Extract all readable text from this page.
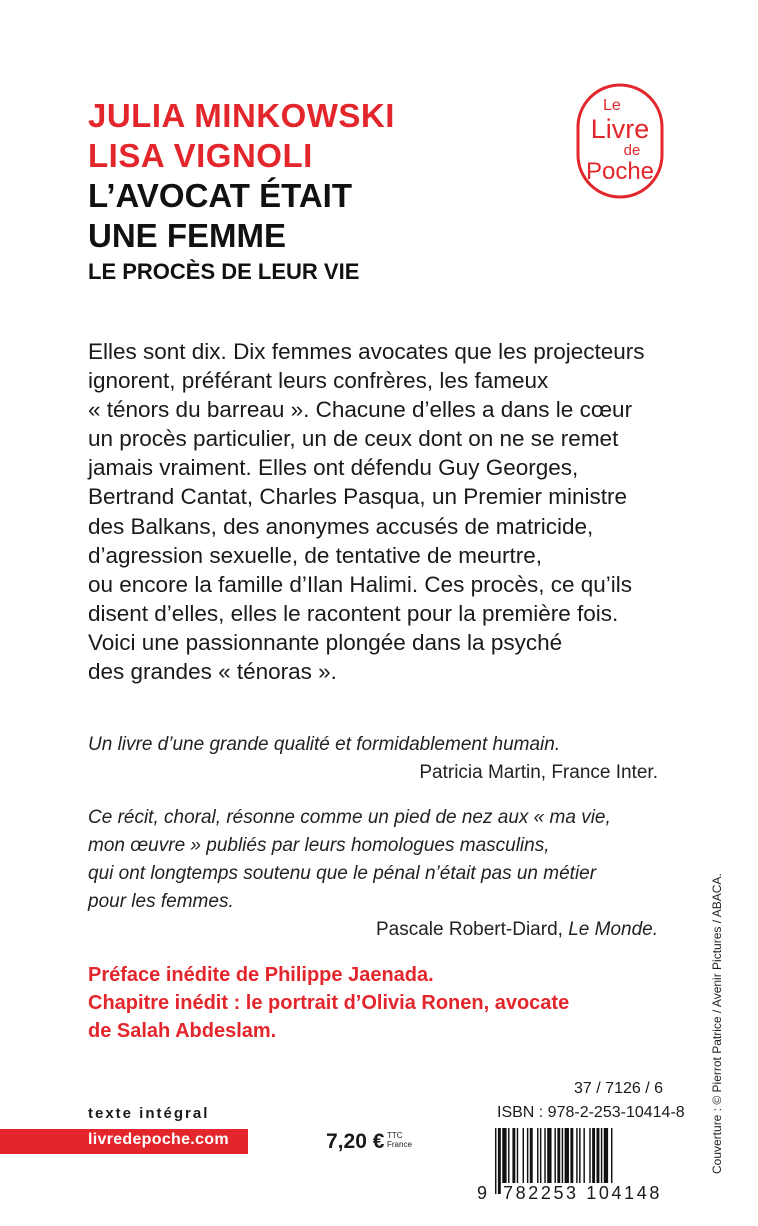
JULIA MINKOWSKI
LISA VIGNOLI
L’AVOCAT ÉTAIT
UNE FEMME
LE PROCÈS DE LEUR VIE
Le
Livre
de
Poche
Elles sont dix. Dix femmes avocates que les projecteurs
ignorent, préférant leurs confrères, les fameux
« ténors du barreau ». Chacune d’elles a dans le cœur
un procès particulier, un de ceux dont on ne se remet
jamais vraiment. Elles ont défendu Guy Georges,
Bertrand Cantat, Charles Pasqua, un Premier ministre
des Balkans, des anonymes accusés de matricide,
d’agression sexuelle, de tentative de meurtre,
ou encore la famille d’Ilan Halimi. Ces procès, ce qu’ils
disent d’elles, elles le racontent pour la première fois.
Voici une passionnante plongée dans la psyché
des grandes « ténoras ».
Un livre d’une grande qualité et formidablement humain.
Patricia Martin, France Inter.
Ce récit, choral, résonne comme un pied de nez aux « ma vie,
mon œuvre » publiés par leurs homologues masculins,
qui ont longtemps soutenu que le pénal n’était pas un métier
pour les femmes.
Pascale Robert-Diard, Le Monde.
Préface inédite de Philippe Jaenada.
Chapitre inédit : le portrait d’Olivia Ronen, avocate
de Salah Abdeslam.
texte intégral
livredepoche.com	7,20 € TTC
France
37 / 7126 / 6
ISBN : 978-2-253-10414-8
9 782253 104148
Couverture : © Pierrot Patrice / Avenir Pictures / ABACA.
